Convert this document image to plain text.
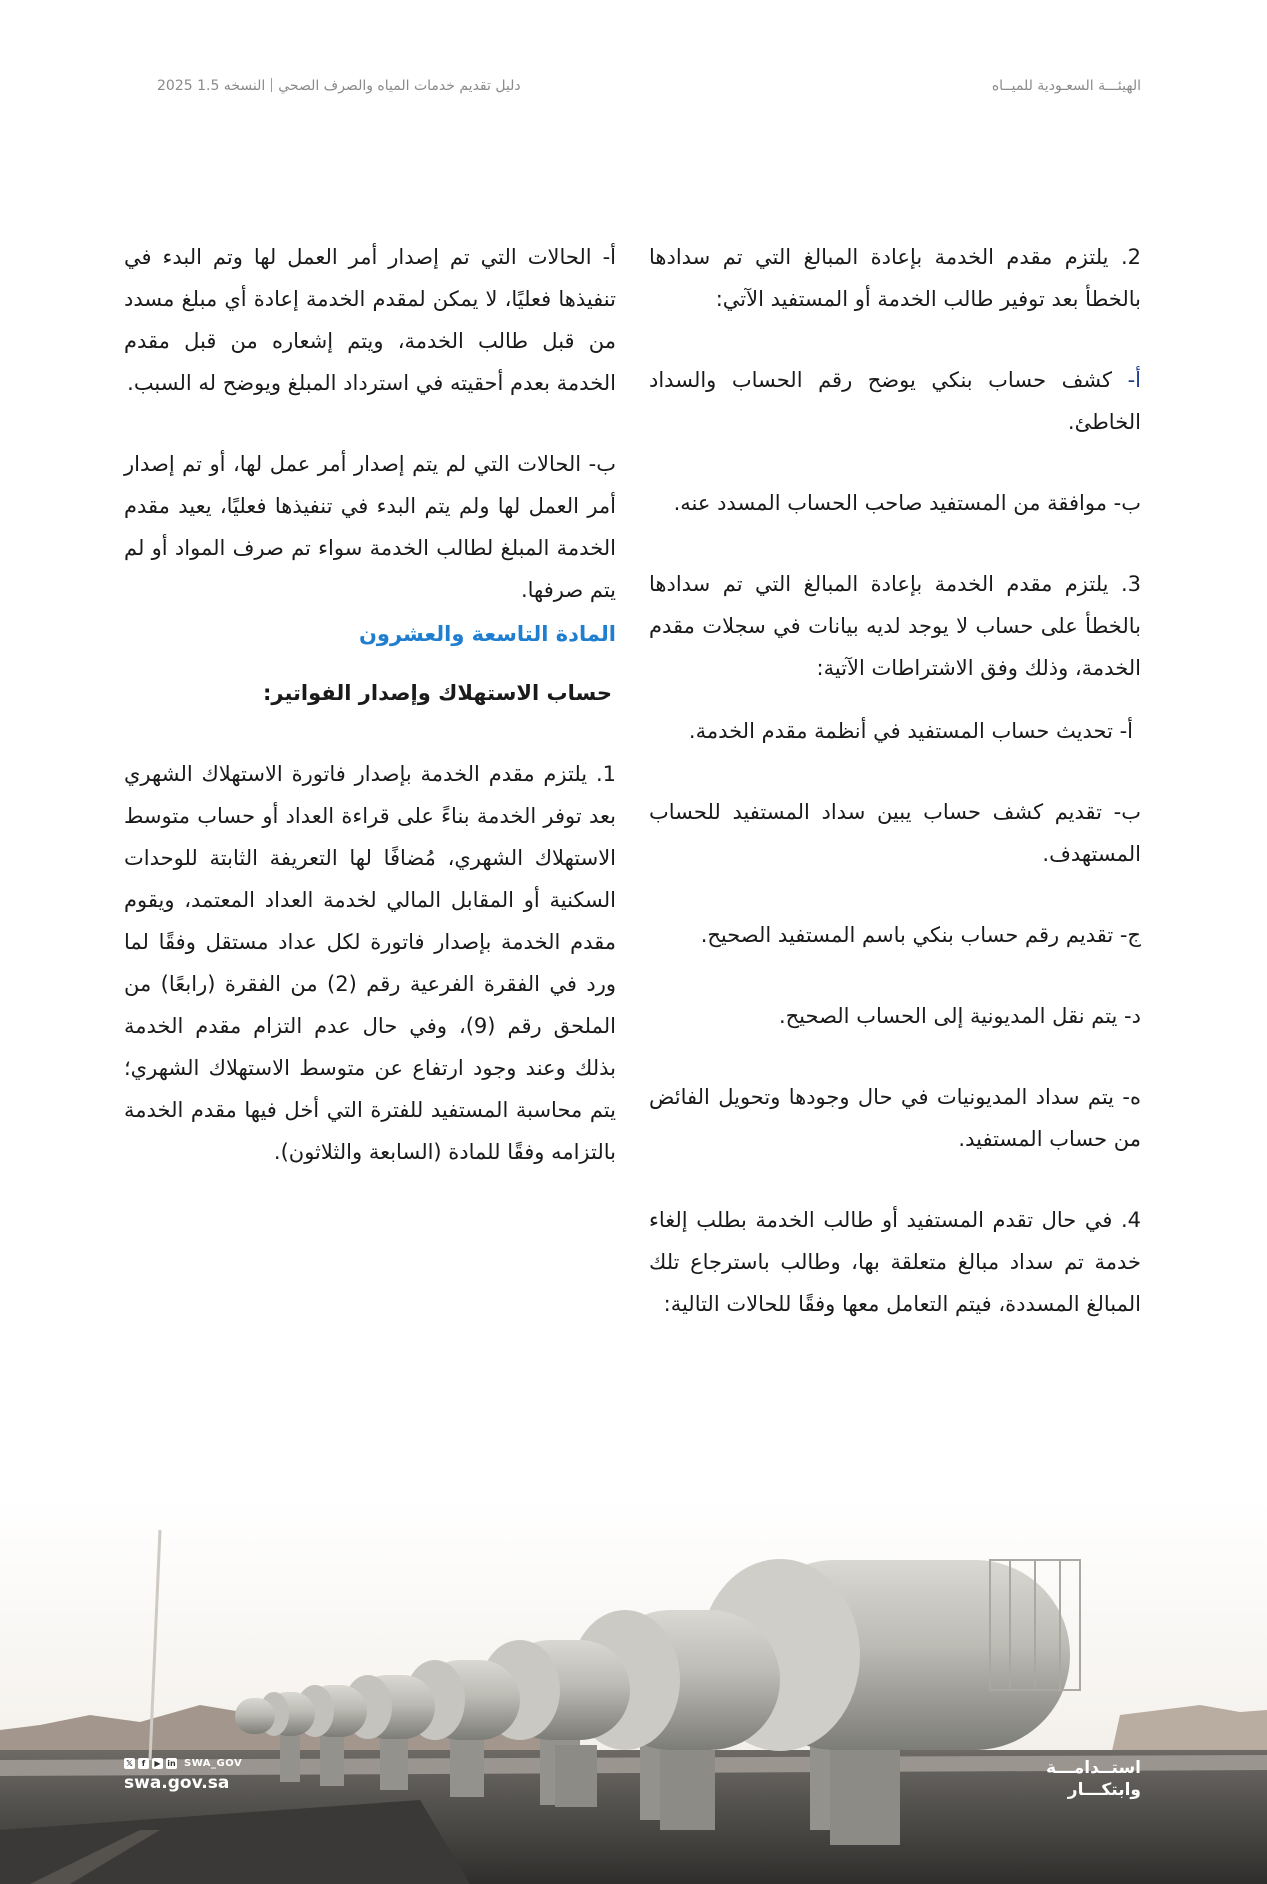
الهيئـــة السعـودية للميــاه
دليل تقديم خدمات المياه والصرف الصحيالنسخه 1.5 2025

2. يلتزم مقدم الخدمة بإعادة المبالغ التي تم سدادها بالخطأ بعد توفير طالب الخدمة أو المستفيد الآتي:

أ- كشف حساب بنكي يوضح رقم الحساب والسداد الخاطئ.

ب- موافقة من المستفيد صاحب الحساب المسدد عنه.

3. يلتزم مقدم الخدمة بإعادة المبالغ التي تم سدادها بالخطأ على حساب لا يوجد لديه بيانات في سجلات مقدم الخدمة، وذلك وفق الاشتراطات الآتية:

أ- تحديث حساب المستفيد في أنظمة مقدم الخدمة.

ب- تقديم كشف حساب يبين سداد المستفيد للحساب المستهدف.

ج- تقديم رقم حساب بنكي باسم المستفيد الصحيح.

د- يتم نقل المديونية إلى الحساب الصحيح.

ه- يتم سداد المديونيات في حال وجودها وتحويل الفائض من حساب المستفيد.

4. في حال تقدم المستفيد أو طالب الخدمة بطلب إلغاء خدمة تم سداد مبالغ متعلقة بها، وطالب باسترجاع تلك المبالغ المسددة، فيتم التعامل معها وفقًا للحالات التالية:

أ- الحالات التي تم إصدار أمر العمل لها وتم البدء في تنفيذها فعليًا، لا يمكن لمقدم الخدمة إعادة أي مبلغ مسدد من قبل طالب الخدمة، ويتم إشعاره من قبل مقدم الخدمة بعدم أحقيته في استرداد المبلغ ويوضح له السبب.

ب- الحالات التي لم يتم إصدار أمر عمل لها، أو تم إصدار أمر العمل لها ولم يتم البدء في تنفيذها فعليًا، يعيد مقدم الخدمة المبلغ لطالب الخدمة سواء تم صرف المواد أو لم يتم صرفها.

المادة التاسعة والعشرون
حساب الاستهلاك وإصدار الفواتير:

1. يلتزم مقدم الخدمة بإصدار فاتورة الاستهلاك الشهري بعد توفر الخدمة بناءً على قراءة العداد أو حساب متوسط الاستهلاك الشهري، مُضافًا لها التعريفة الثابتة للوحدات السكنية أو المقابل المالي لخدمة العداد المعتمد، ويقوم مقدم الخدمة بإصدار فاتورة لكل عداد مستقل وفقًا لما ورد في الفقرة الفرعية رقم (2) من الفقرة (رابعًا) من الملحق رقم (9)، وفي حال عدم التزام مقدم الخدمة بذلك وعند وجود ارتفاع عن متوسط الاستهلاك الشهري؛ يتم محاسبة المستفيد للفترة التي أخل فيها مقدم الخدمة بالتزامه وفقًا للمادة (السابعة والثلاثون).

𝕏	f	▶ in SWA_GOV
swa.gov.sa
استــدامـــة
وابتكـــار
